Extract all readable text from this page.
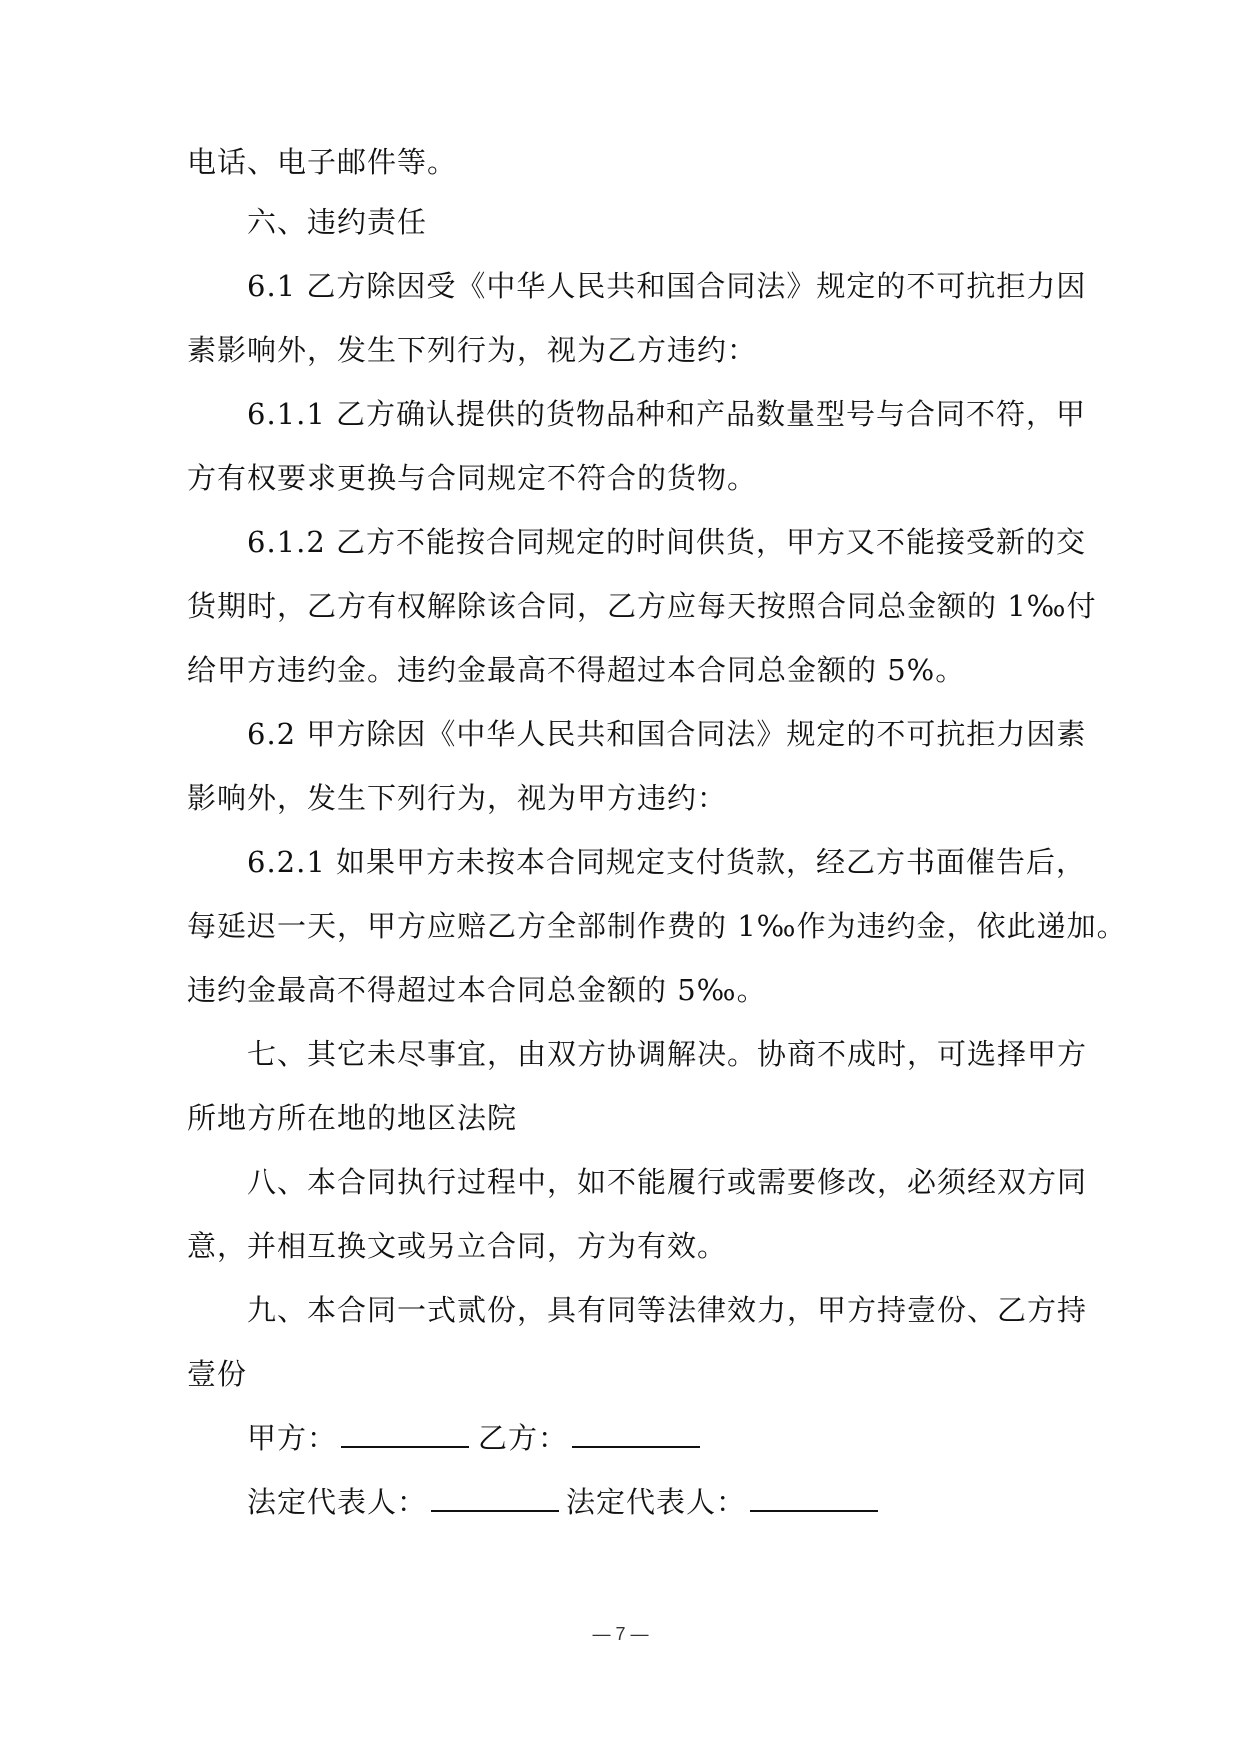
电话、电子邮件等。
六、违约责任
6.1 乙方除因受《中华人民共和国合同法》规定的不可抗拒力因
素影响外，发生下列行为，视为乙方违约：
6.1.1 乙方确认提供的货物品种和产品数量型号与合同不符，甲
方有权要求更换与合同规定不符合的货物。
6.1.2 乙方不能按合同规定的时间供货，甲方又不能接受新的交
货期时，乙方有权解除该合同，乙方应每天按照合同总金额的 1‰付
给甲方违约金。违约金最高不得超过本合同总金额的 5%。
6.2 甲方除因《中华人民共和国合同法》规定的不可抗拒力因素
影响外，发生下列行为，视为甲方违约：
6.2.1 如果甲方未按本合同规定支付货款，经乙方书面催告后，
每延迟一天，甲方应赔乙方全部制作费的 1‰作为违约金，依此递加。
违约金最高不得超过本合同总金额的 5‰。
七、其它未尽事宜，由双方协调解决。协商不成时，可选择甲方
所地方所在地的地区法院
八、本合同执行过程中，如不能履行或需要修改，必须经双方同
意，并相互换文或另立合同，方为有效。
九、本合同一式贰份，具有同等法律效力，甲方持壹份、乙方持
壹份
甲方：	乙方：
法定代表人：	法定代表人：
— 7 —
